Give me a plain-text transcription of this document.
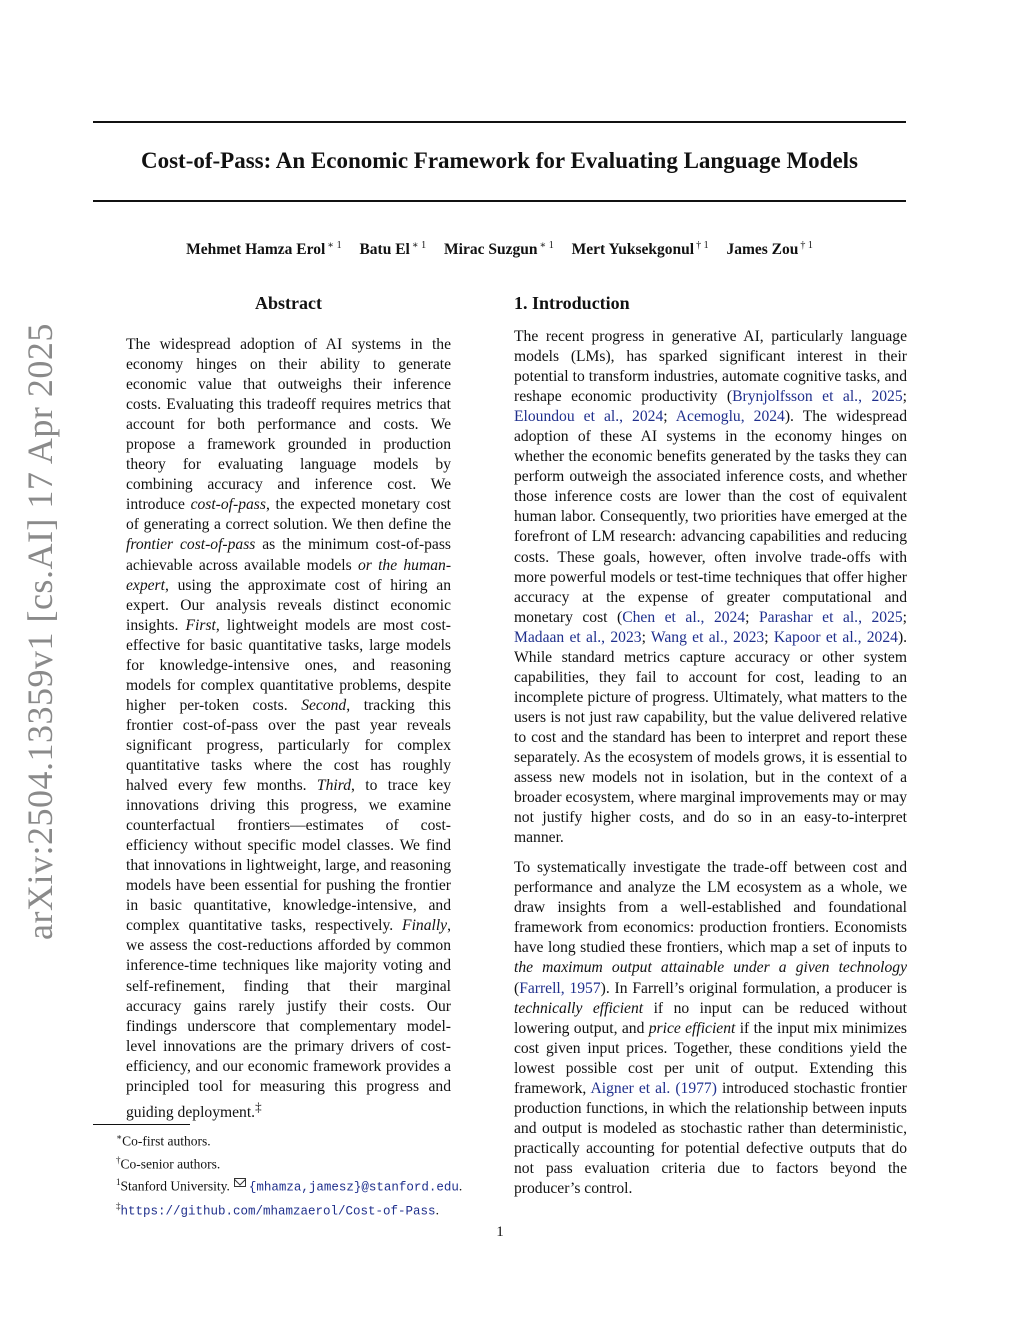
Cost-of-Pass: An Economic Framework for Evaluating Language Models
Mehmet Hamza Erol $^{∗ 1}$ Batu El $^{∗ 1}$ Mirac Suzgun $^{∗ 1}$ Mert Yuksekgonul $^{\dagger 1}$ James Zou $^{\dagger 1}$
arXiv:2504.13359v1 [cs.AI] 17 Apr 2025
Abstract

The widespread adoption of AI systems in the economy hinges on their ability to generate economic value that outweighs their inference costs. Evaluating this tradeoff requires metrics that account for both performance and costs. We propose a framework grounded in production theory for evaluating language models by combining accuracy and inference cost. We introduce cost-of-pass, the expected monetary cost of generating a correct solution. We then define the frontier cost-of-pass as the minimum cost-of-pass achievable across available models or the human-expert, using the approximate cost of hiring an expert. Our analysis reveals distinct economic insights. First, lightweight models are most cost-effective for basic quantitative tasks, large models for knowledge-intensive ones, and reasoning models for complex quantitative problems, despite higher per-token costs. Second, tracking this frontier cost-of-pass over the past year reveals significant progress, particularly for complex quantitative tasks where the cost has roughly halved every few months. Third, to trace key innovations driving this progress, we examine counterfactual frontiers—estimates of cost-efficiency without specific model classes. We find that innovations in lightweight, large, and reasoning models have been essential for pushing the frontier in basic quantitative, knowledge-intensive, and complex quantitative tasks, respectively. Finally, we assess the cost-reductions afforded by common inference-time techniques like majority voting and self-refinement, finding that their marginal accuracy gains rarely justify their costs. Our findings underscore that complementary model-level innovations are the primary drivers of cost-efficiency, and our economic framework provides a principled tool for measuring this progress and guiding deployment.‡

1. Introduction

The recent progress in generative AI, particularly language models (LMs), has sparked significant interest in their potential to transform industries, automate cognitive tasks, and reshape economic productivity (Brynjolfsson et al., 2025; Eloundou et al., 2024; Acemoglu, 2024). The widespread adoption of these AI systems in the economy hinges on whether the economic benefits generated by the tasks they can perform outweigh the associated inference costs, and whether those inference costs are lower than the cost of equivalent human labor. Consequently, two priorities have emerged at the forefront of LM research: advancing capabilities and reducing costs. These goals, however, often involve trade-offs with more powerful models or test-time techniques that offer higher accuracy at the expense of greater computational and monetary cost (Chen et al., 2024; Parashar et al., 2025; Madaan et al., 2023; Wang et al., 2023; Kapoor et al., 2024). While standard metrics capture accuracy or other system capabilities, they fail to account for cost, leading to an incomplete picture of progress. Ultimately, what matters to the users is not just raw capability, but the value delivered relative to cost and the standard has been to interpret and report these separately. As the ecosystem of models grows, it is essential to assess new models not in isolation, but in the context of a broader ecosystem, where marginal improvements may or may not justify higher costs, and do so in an easy-to-interpret manner.

To systematically investigate the trade-off between cost and performance and analyze the LM ecosystem as a whole, we draw insights from a well-established and foundational framework from economics: production frontiers. Economists have long studied these frontiers, which map a set of inputs to the maximum output attainable under a given technology (Farrell, 1957). In Farrell’s original formulation, a producer is technically efficient if no input can be reduced without lowering output, and price efficient if the input mix minimizes cost given input prices. Together, these conditions yield the lowest possible cost per unit of output. Extending this framework, Aigner et al. (1977) introduced stochastic frontier production functions, in which the relationship between inputs and output is modeled as stochastic rather than deterministic, practically accounting for potential defective outputs that do not pass evaluation criteria due to factors beyond the producer’s control.

∗Co-first authors.
†Co-senior authors.
$^1$Stanford University. {mhamza,jamesz}@stanford.edu.
‡https://github.com/mhamzaerol/Cost-of-Pass.
1
